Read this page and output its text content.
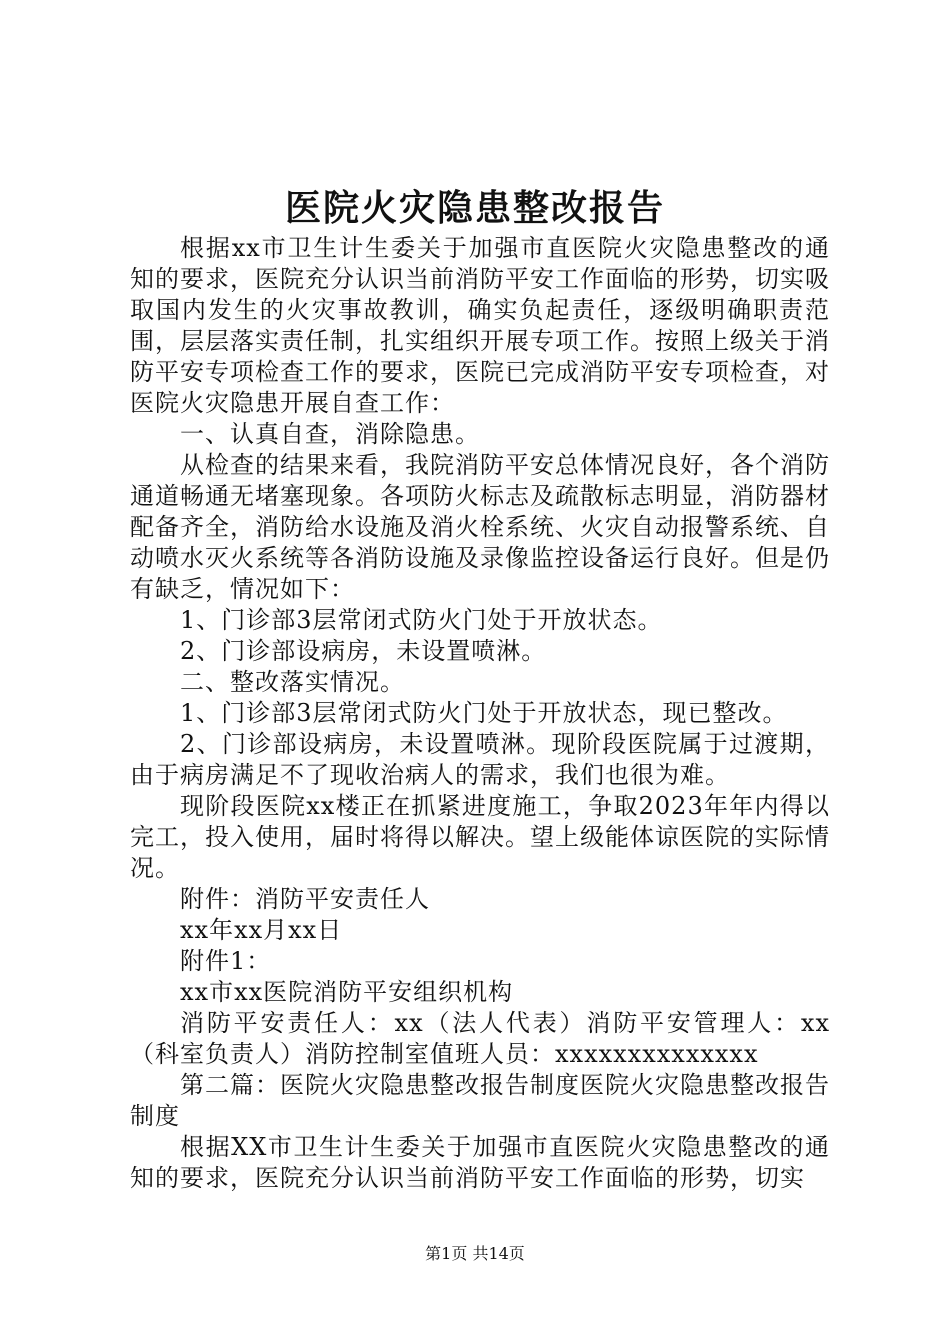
医院火灾隐患整改报告

根据xx市卫生计生委关于加强市直医院火灾隐患整改的通知的要求，医院充分认识当前消防平安工作面临的形势，切实吸取国内发生的火灾事故教训，确实负起责任，逐级明确职责范围，层层落实责任制，扎实组织开展专项工作。按照上级关于消防平安专项检查工作的要求，医院已完成消防平安专项检查，对医院火灾隐患开展自查工作：

一、认真自查，消除隐患。

从检查的结果来看，我院消防平安总体情况良好，各个消防通道畅通无堵塞现象。各项防火标志及疏散标志明显，消防器材配备齐全，消防给水设施及消火栓系统、火灾自动报警系统、自动喷水灭火系统等各消防设施及录像监控设备运行良好。但是仍有缺乏，情况如下：

1、门诊部3层常闭式防火门处于开放状态。

2、门诊部设病房，未设置喷淋。

二、整改落实情况。

1、门诊部3层常闭式防火门处于开放状态，现已整改。

2、门诊部设病房，未设置喷淋。现阶段医院属于过渡期，由于病房满足不了现收治病人的需求，我们也很为难。

现阶段医院xx楼正在抓紧进度施工，争取2023年年内得以完工，投入使用，届时将得以解决。望上级能体谅医院的实际情况。

附件：消防平安责任人

xx年xx月xx日

附件1：

xx市xx医院消防平安组织机构

消防平安责任人：xx（法人代表）消防平安管理人：xx（科室负责人）消防控制室值班人员：xxxxxxxxxxxxxx

第二篇：医院火灾隐患整改报告制度医院火灾隐患整改报告制度

根据XX市卫生计生委关于加强市直医院火灾隐患整改的通知的要求，医院充分认识当前消防平安工作面临的形势，切实

第1页 共14页
